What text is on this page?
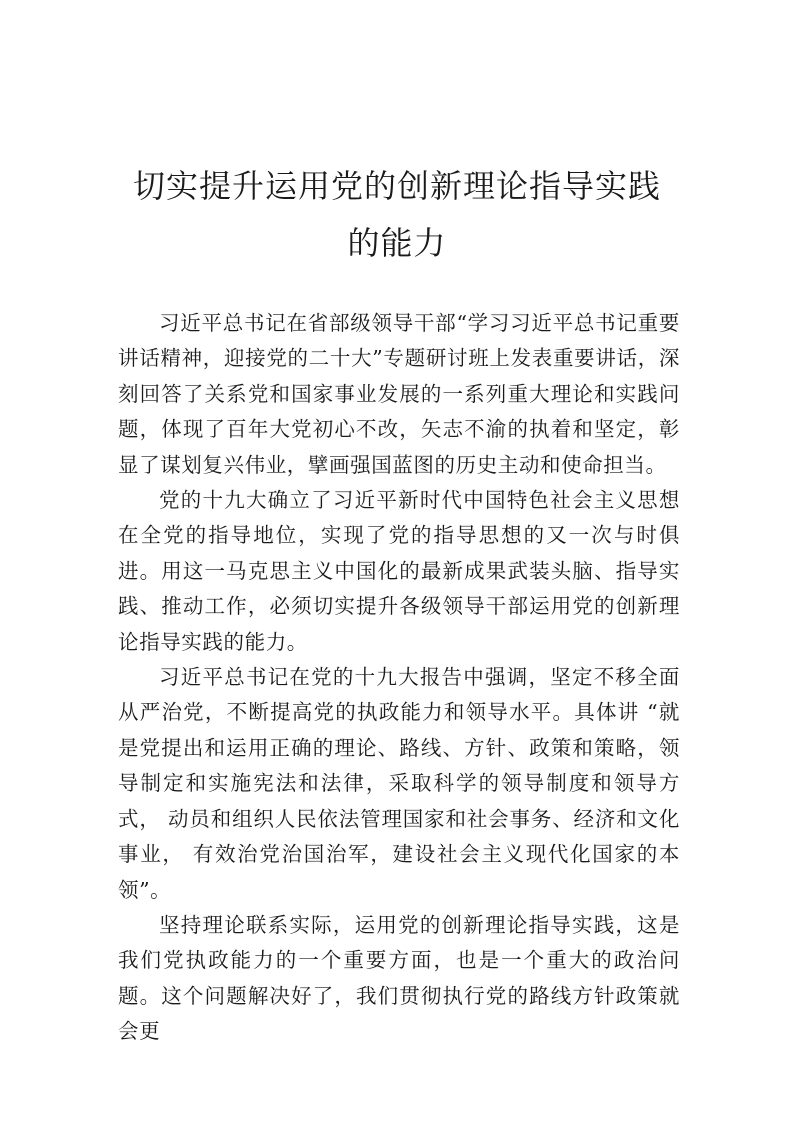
切实提升运用党的创新理论指导实践的能力

习近平总书记在省部级领导干部“学习习近平总书记重要讲话精神，迎接党的二十大”专题研讨班上发表重要讲话，深刻回答了关系党和国家事业发展的一系列重大理论和实践问题，体现了百年大党初心不改，矢志不渝的执着和坚定，彰显了谋划复兴伟业，擘画强国蓝图的历史主动和使命担当。

党的十九大确立了习近平新时代中国特色社会主义思想在全党的指导地位，实现了党的指导思想的又一次与时俱进。用这一马克思主义中国化的最新成果武装头脑、指导实践、推动工作，必须切实提升各级领导干部运用党的创新理论指导实践的能力。

习近平总书记在党的十九大报告中强调，坚定不移全面从严治党，不断提高党的执政能力和领导水平。具体讲 “就是党提出和运用正确的理论、路线、方针、政策和策略，领 导制定和实施宪法和法律，采取科学的领导制度和领导方式， 动员和组织人民依法管理国家和社会事务、经济和文化事业， 有效治党治国治军，建设社会主义现代化国家的本领”。

坚持理论联系实际，运用党的创新理论指导实践，这是我们党执政能力的一个重要方面，也是一个重大的政治问题。这个问题解决好了，我们贯彻执行党的路线方针政策就会更
